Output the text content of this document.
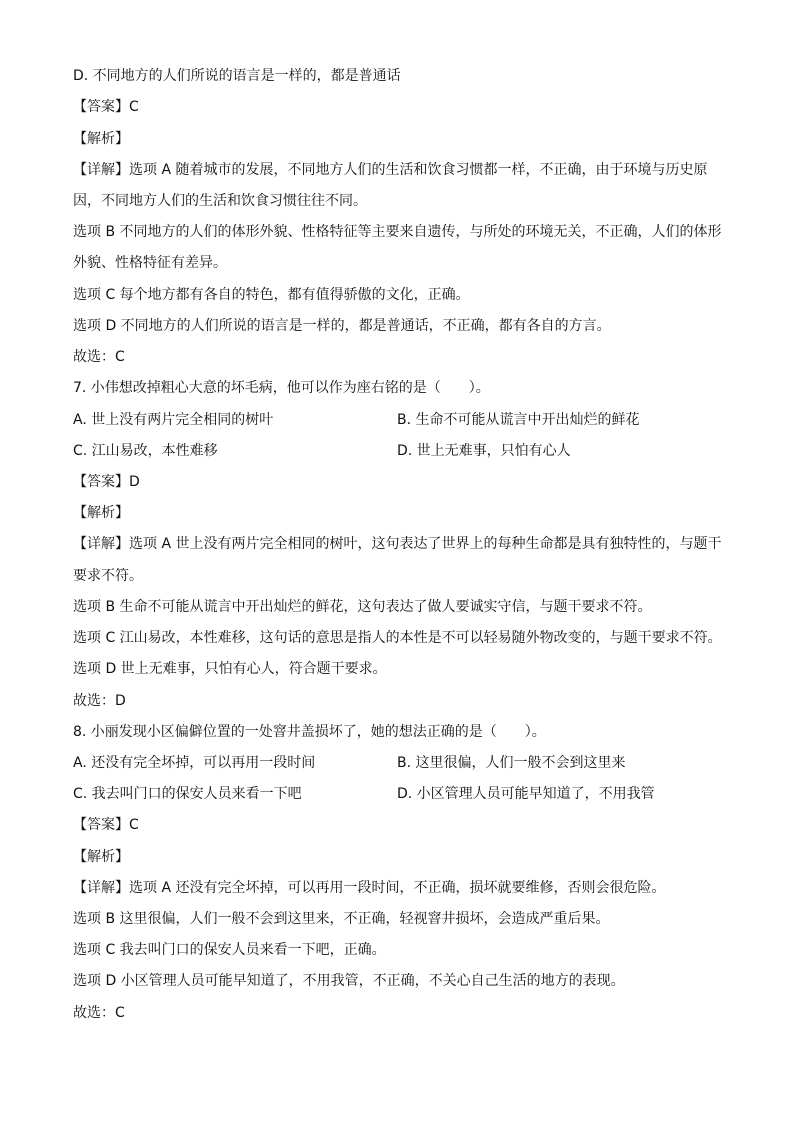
D. 不同地方的人们所说的语言是一样的，都是普通话
【答案】C
【解析】
【详解】选项 A 随着城市的发展，不同地方人们的生活和饮食习惯都一样，不正确，由于环境与历史原
因，不同地方人们的生活和饮食习惯往往不同。
选项 B 不同地方的人们的体形外貌、性格特征等主要来自遗传，与所处的环境无关，不正确，人们的体形
外貌、性格特征有差异。
选项 C 每个地方都有各自的特色，都有值得骄傲的文化，正确。
选项 D 不同地方的人们所说的语言是一样的，都是普通话，不正确，都有各自的方言。
故选：C
7. 小伟想改掉粗心大意的坏毛病，他可以作为座右铭的是（　　）。
A. 世上没有两片完全相同的树叶	B. 生命不可能从谎言中开出灿烂的鲜花
C. 江山易改，本性难移	D. 世上无难事，只怕有心人
【答案】D
【解析】
【详解】选项 A 世上没有两片完全相同的树叶，这句表达了世界上的每种生命都是具有独特性的，与题干
要求不符。
选项 B 生命不可能从谎言中开出灿烂的鲜花，这句表达了做人要诚实守信，与题干要求不符。
选项 C 江山易改，本性难移，这句话的意思是指人的本性是不可以轻易随外物改变的，与题干要求不符。
选项 D 世上无难事，只怕有心人，符合题干要求。
故选：D
8. 小丽发现小区偏僻位置的一处窨井盖损坏了，她的想法正确的是（　　）。
A. 还没有完全坏掉，可以再用一段时间	B. 这里很偏，人们一般不会到这里来
C. 我去叫门口的保安人员来看一下吧	D. 小区管理人员可能早知道了，不用我管
【答案】C
【解析】
【详解】选项 A 还没有完全坏掉，可以再用一段时间，不正确，损坏就要维修，否则会很危险。
选项 B 这里很偏，人们一般不会到这里来，不正确，轻视窨井损坏，会造成严重后果。
选项 C 我去叫门口的保安人员来看一下吧，正确。
选项 D 小区管理人员可能早知道了，不用我管，不正确，不关心自己生活的地方的表现。
故选：C
